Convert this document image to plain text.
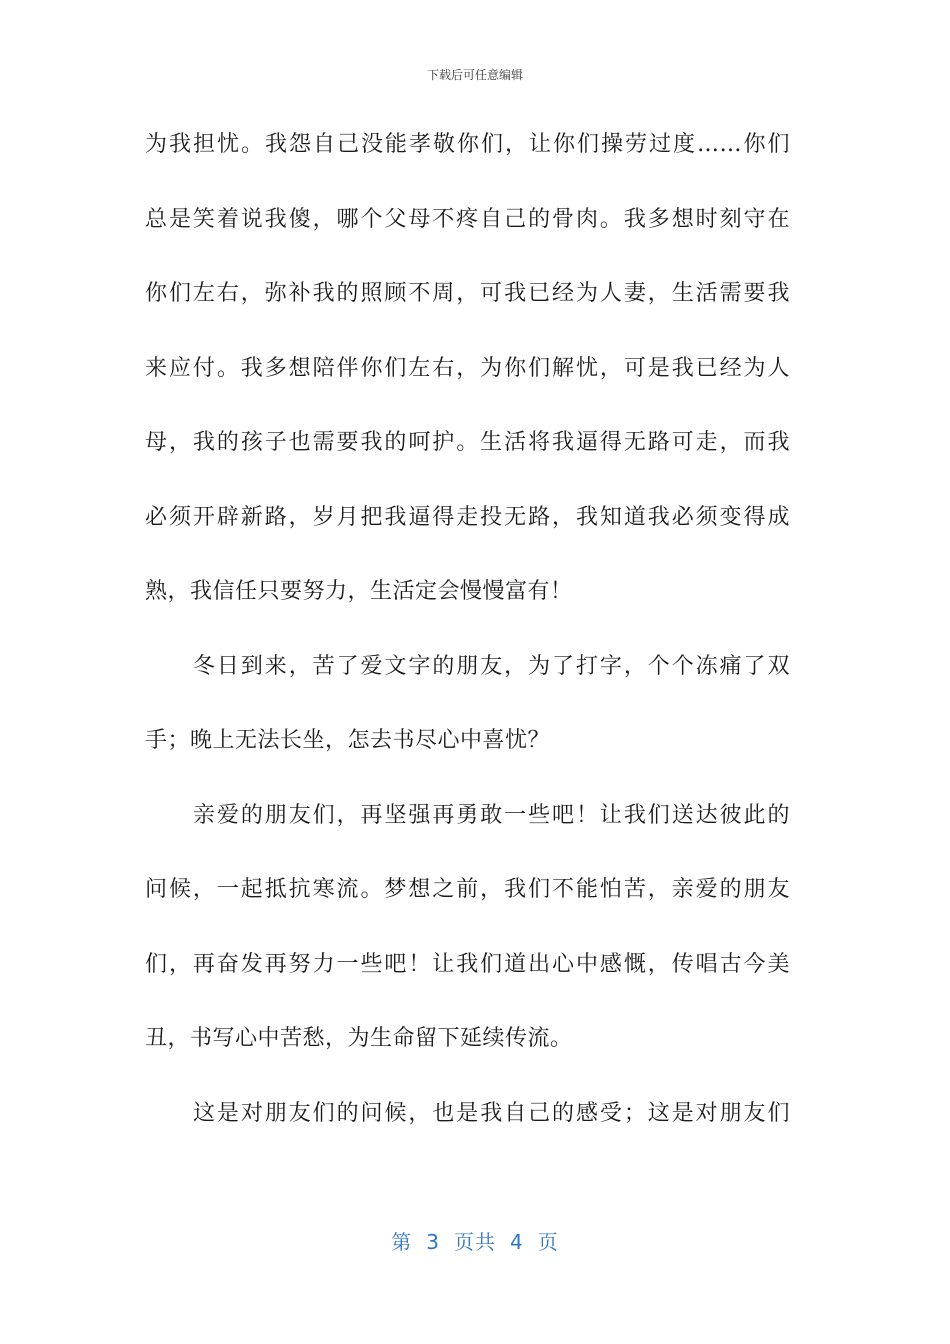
下载后可任意编辑
为我担忧。我怨自己没能孝敬你们，让你们操劳过度……你们
总是笑着说我傻，哪个父母不疼自己的骨肉。我多想时刻守在
你们左右，弥补我的照顾不周，可我已经为人妻，生活需要我
来应付。我多想陪伴你们左右，为你们解忧，可是我已经为人
母，我的孩子也需要我的呵护。生活将我逼得无路可走，而我
必须开辟新路，岁月把我逼得走投无路，我知道我必须变得成
熟，我信任只要努力，生活定会慢慢富有！
冬日到来，苦了爱文字的朋友，为了打字，个个冻痛了双
手；晚上无法长坐，怎去书尽心中喜忧？
亲爱的朋友们，再坚强再勇敢一些吧！让我们送达彼此的
问候，一起抵抗寒流。梦想之前，我们不能怕苦，亲爱的朋友
们，再奋发再努力一些吧！让我们道出心中感慨，传唱古今美
丑，书写心中苦愁，为生命留下延续传流。
这是对朋友们的问候，也是我自己的感受；这是对朋友们
第 3 页共 4 页
